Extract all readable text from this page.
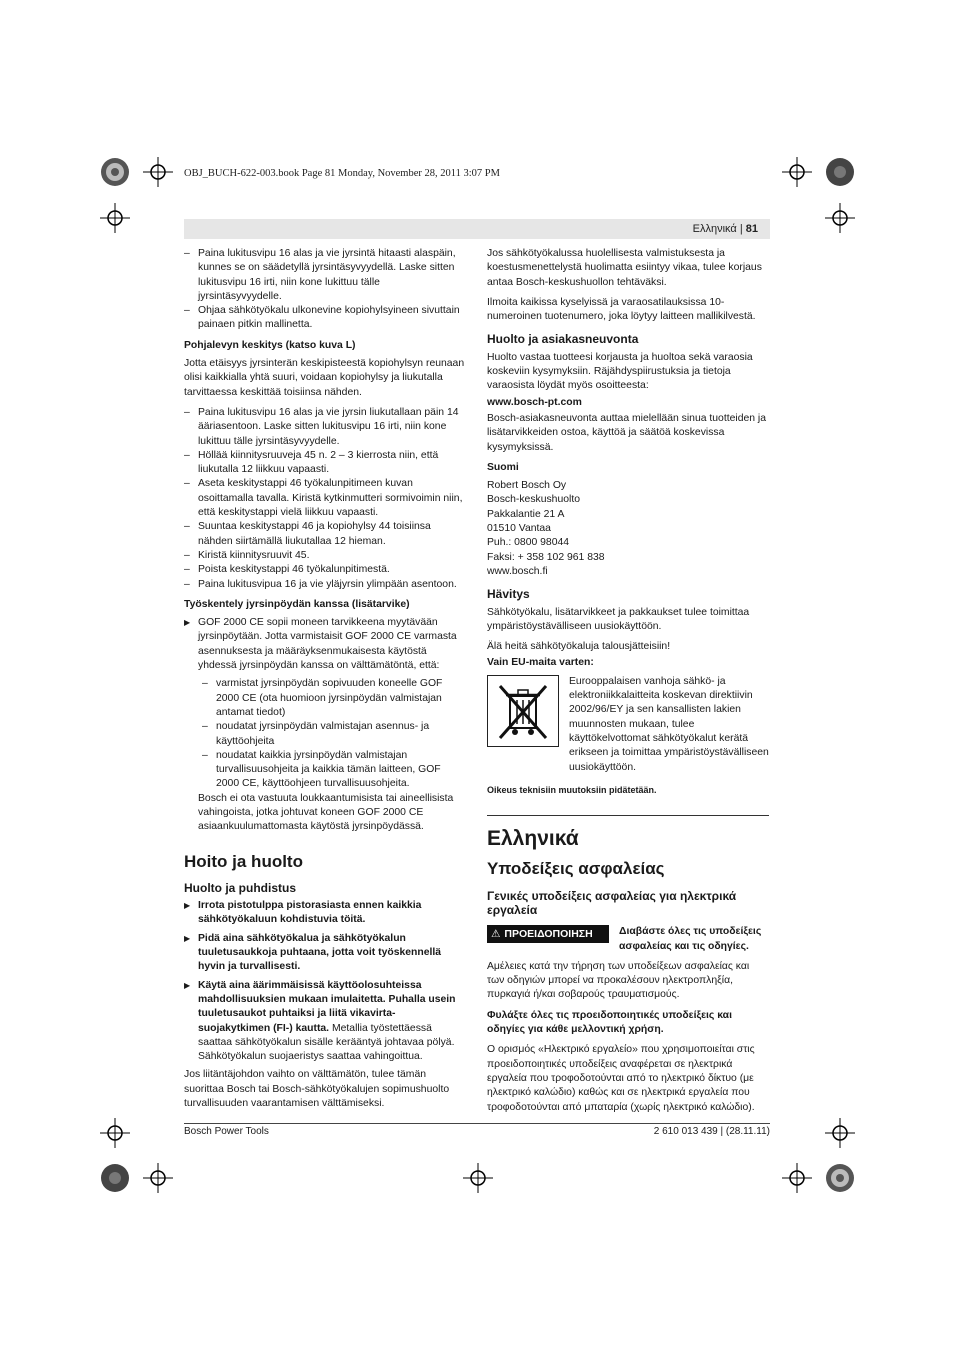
OBJ_BUCH-622-003.book Page 81 Monday, November 28, 2011 3:07 PM
Ελληνικά | 81

– Paina lukitusvipu 16 alas ja vie jyrsintä hitaasti alaspäin, kunnes se on säädetyllä jyrsintäsyvyydellä. Laske sitten lukitusvipu 16 irti, niin kone lukittuu tälle jyrsintäsyvyydelle.

– Ohjaa sähkötyökalu ulkonevine kopiohylsyineen sivuttain painaen pitkin mallinetta.

Pohjalevyn keskitys (katso kuva L)

Jotta etäisyys jyrsinterän keskipisteestä kopiohylsyn reunaan olisi kaikkialla yhtä suuri, voidaan kopiohylsy ja liukutalla tarvittaessa keskittää toisiinsa nähden.

– Paina lukitusvipu 16 alas ja vie jyrsin liukutallaan päin 14 ääriasentoon. Laske sitten lukitusvipu 16 irti, niin kone lukittuu tälle jyrsintäsyvyydelle.

– Höllää kiinnitysruuveja 45 n. 2 – 3 kierrosta niin, että liukutalla 12 liikkuu vapaasti.

– Aseta keskitystappi 46 työkalunpitimeen kuvan osoittamalla tavalla. Kiristä kytkinmutteri sormivoimin niin, että keskitystappi vielä liikkuu vapaasti.

– Suuntaa keskitystappi 46 ja kopiohylsy 44 toisiinsa nähden siirtämällä liukutallaa 12 hieman.

– Kiristä kiinnitysruuvit 45.

– Poista keskitystappi 46 työkalunpitimestä.

– Paina lukitusvipua 16 ja vie yläjyrsin ylimpään asentoon.

Työskentely jyrsinpöydän kanssa (lisätarvike)

▶ GOF 2000 CE sopii moneen tarvikkeena myytävään jyrsinpöytään. Jotta varmistaisit GOF 2000 CE varmasta asennuksesta ja määräyksenmukaisesta käytöstä yhdessä jyrsinpöydän kanssa on välttämätöntä, että:

– varmistat jyrsinpöydän sopivuuden koneelle GOF 2000 CE (ota huomioon jyrsinpöydän valmistajan antamat tiedot)

– noudatat jyrsinpöydän valmistajan asennus- ja käyttöohjeita

– noudatat kaikkia jyrsinpöydän valmistajan turvallisuusohjeita ja kaikkia tämän laitteen, GOF 2000 CE, käyttöohjeen turvallisuusohjeita.

Bosch ei ota vastuuta loukkaantumisista tai aineellisista vahingoista, jotka johtuvat koneen GOF 2000 CE asiaankuulumattomasta käytöstä jyrsinpöydässä.

Hoito ja huolto
Huolto ja puhdistus

▶ Irrota pistotulppa pistorasiasta ennen kaikkia sähkötyökaluun kohdistuvia töitä.

▶ Pidä aina sähkötyökalua ja sähkötyökalun tuuletusaukkoja puhtaana, jotta voit työskennellä hyvin ja turvallisesti.

▶ Käytä aina äärimmäisissä käyttöolosuhteissa mahdollisuuksien mukaan imulaitetta. Puhalla usein tuuletusaukot puhtaiksi ja liitä vikavirta-suojakytkimen (FI-) kautta. Metallia työstettäessä saattaa sähkötyökalun sisälle kerääntyä johtavaa pölyä. Sähkötyökalun suojaeristys saattaa vahingoittua.

Jos liitäntäjohdon vaihto on välttämätön, tulee tämän suorittaa Bosch tai Bosch-sähkötyökalujen sopimushuolto turvallisuuden vaarantamisen välttämiseksi.

Jos sähkötyökalussa huolellisesta valmistuksesta ja koestusmenettelystä huolimatta esiintyy vikaa, tulee korjaus antaa Bosch-keskushuollon tehtäväksi.

Ilmoita kaikissa kyselyissä ja varaosatilauksissa 10-numeroinen tuotenumero, joka löytyy laitteen mallikilvestä.

Huolto ja asiakasneuvonta

Huolto vastaa tuotteesi korjausta ja huoltoa sekä varaosia koskeviin kysymyksiin. Räjähdyspiirustuksia ja tietoja varaosista löydät myös osoitteesta:

www.bosch-pt.com

Bosch-asiakasneuvonta auttaa mielellään sinua tuotteiden ja lisätarvikkeiden ostoa, käyttöä ja säätöä koskevissa kysymyksissä.

Suomi
Robert Bosch Oy
Bosch-keskushuolto
Pakkalantie 21 A
01510 Vantaa
Puh.: 0800 98044
Faksi: + 358 102 961 838
www.bosch.fi
Hävitys

Sähkötyökalu, lisätarvikkeet ja pakkaukset tulee toimittaa ympäristöystävälliseen uusiokäyttöön.

Älä heitä sähkötyökaluja talousjätteisiin!

Vain EU-maita varten:
Eurooppalaisen vanhoja sähkö- ja elektroniikkalaitteita koskevan direktiivin 2002/96/EY ja sen kansallisten lakien muunnosten mukaan, tulee käyttökelvottomat sähkötyökalut kerätä erikseen ja toimittaa ympäristöystävälliseen uusiokäyttöön.
Oikeus teknisiin muutoksiin pidätetään.
Ελληνικά
Υποδείξεις ασφαλείας
Γενικές υποδείξεις ασφαλείας για ηλεκτρικά εργαλεία
⚠ ΠΡΟΕΙΔΟΠΟΙΗΣΗ	Διαβάστε όλες τις υποδείξεις ασφαλείας και τις οδηγίες.

Αμέλειες κατά την τήρηση των υποδείξεων ασφαλείας και των οδηγιών μπορεί να προκαλέσουν ηλεκτροπληξία, πυρκαγιά ή/και σοβαρούς τραυματισμούς.

Φυλάξτε όλες τις προειδοποιητικές υποδείξεις και οδηγίες για κάθε μελλοντική χρήση.

Ο ορισμός «Ηλεκτρικό εργαλείο» που χρησιμοποιείται στις προειδοποιητικές υποδείξεις αναφέρεται σε ηλεκτρικά εργαλεία που τροφοδοτούνται από το ηλεκτρικό δίκτυο (με ηλεκτρικό καλώδιο) καθώς και σε ηλεκτρικά εργαλεία που τροφοδοτούνται από μπαταρία (χωρίς ηλεκτρικό καλώδιο).

Bosch Power Tools	2 610 013 439 | (28.11.11)
